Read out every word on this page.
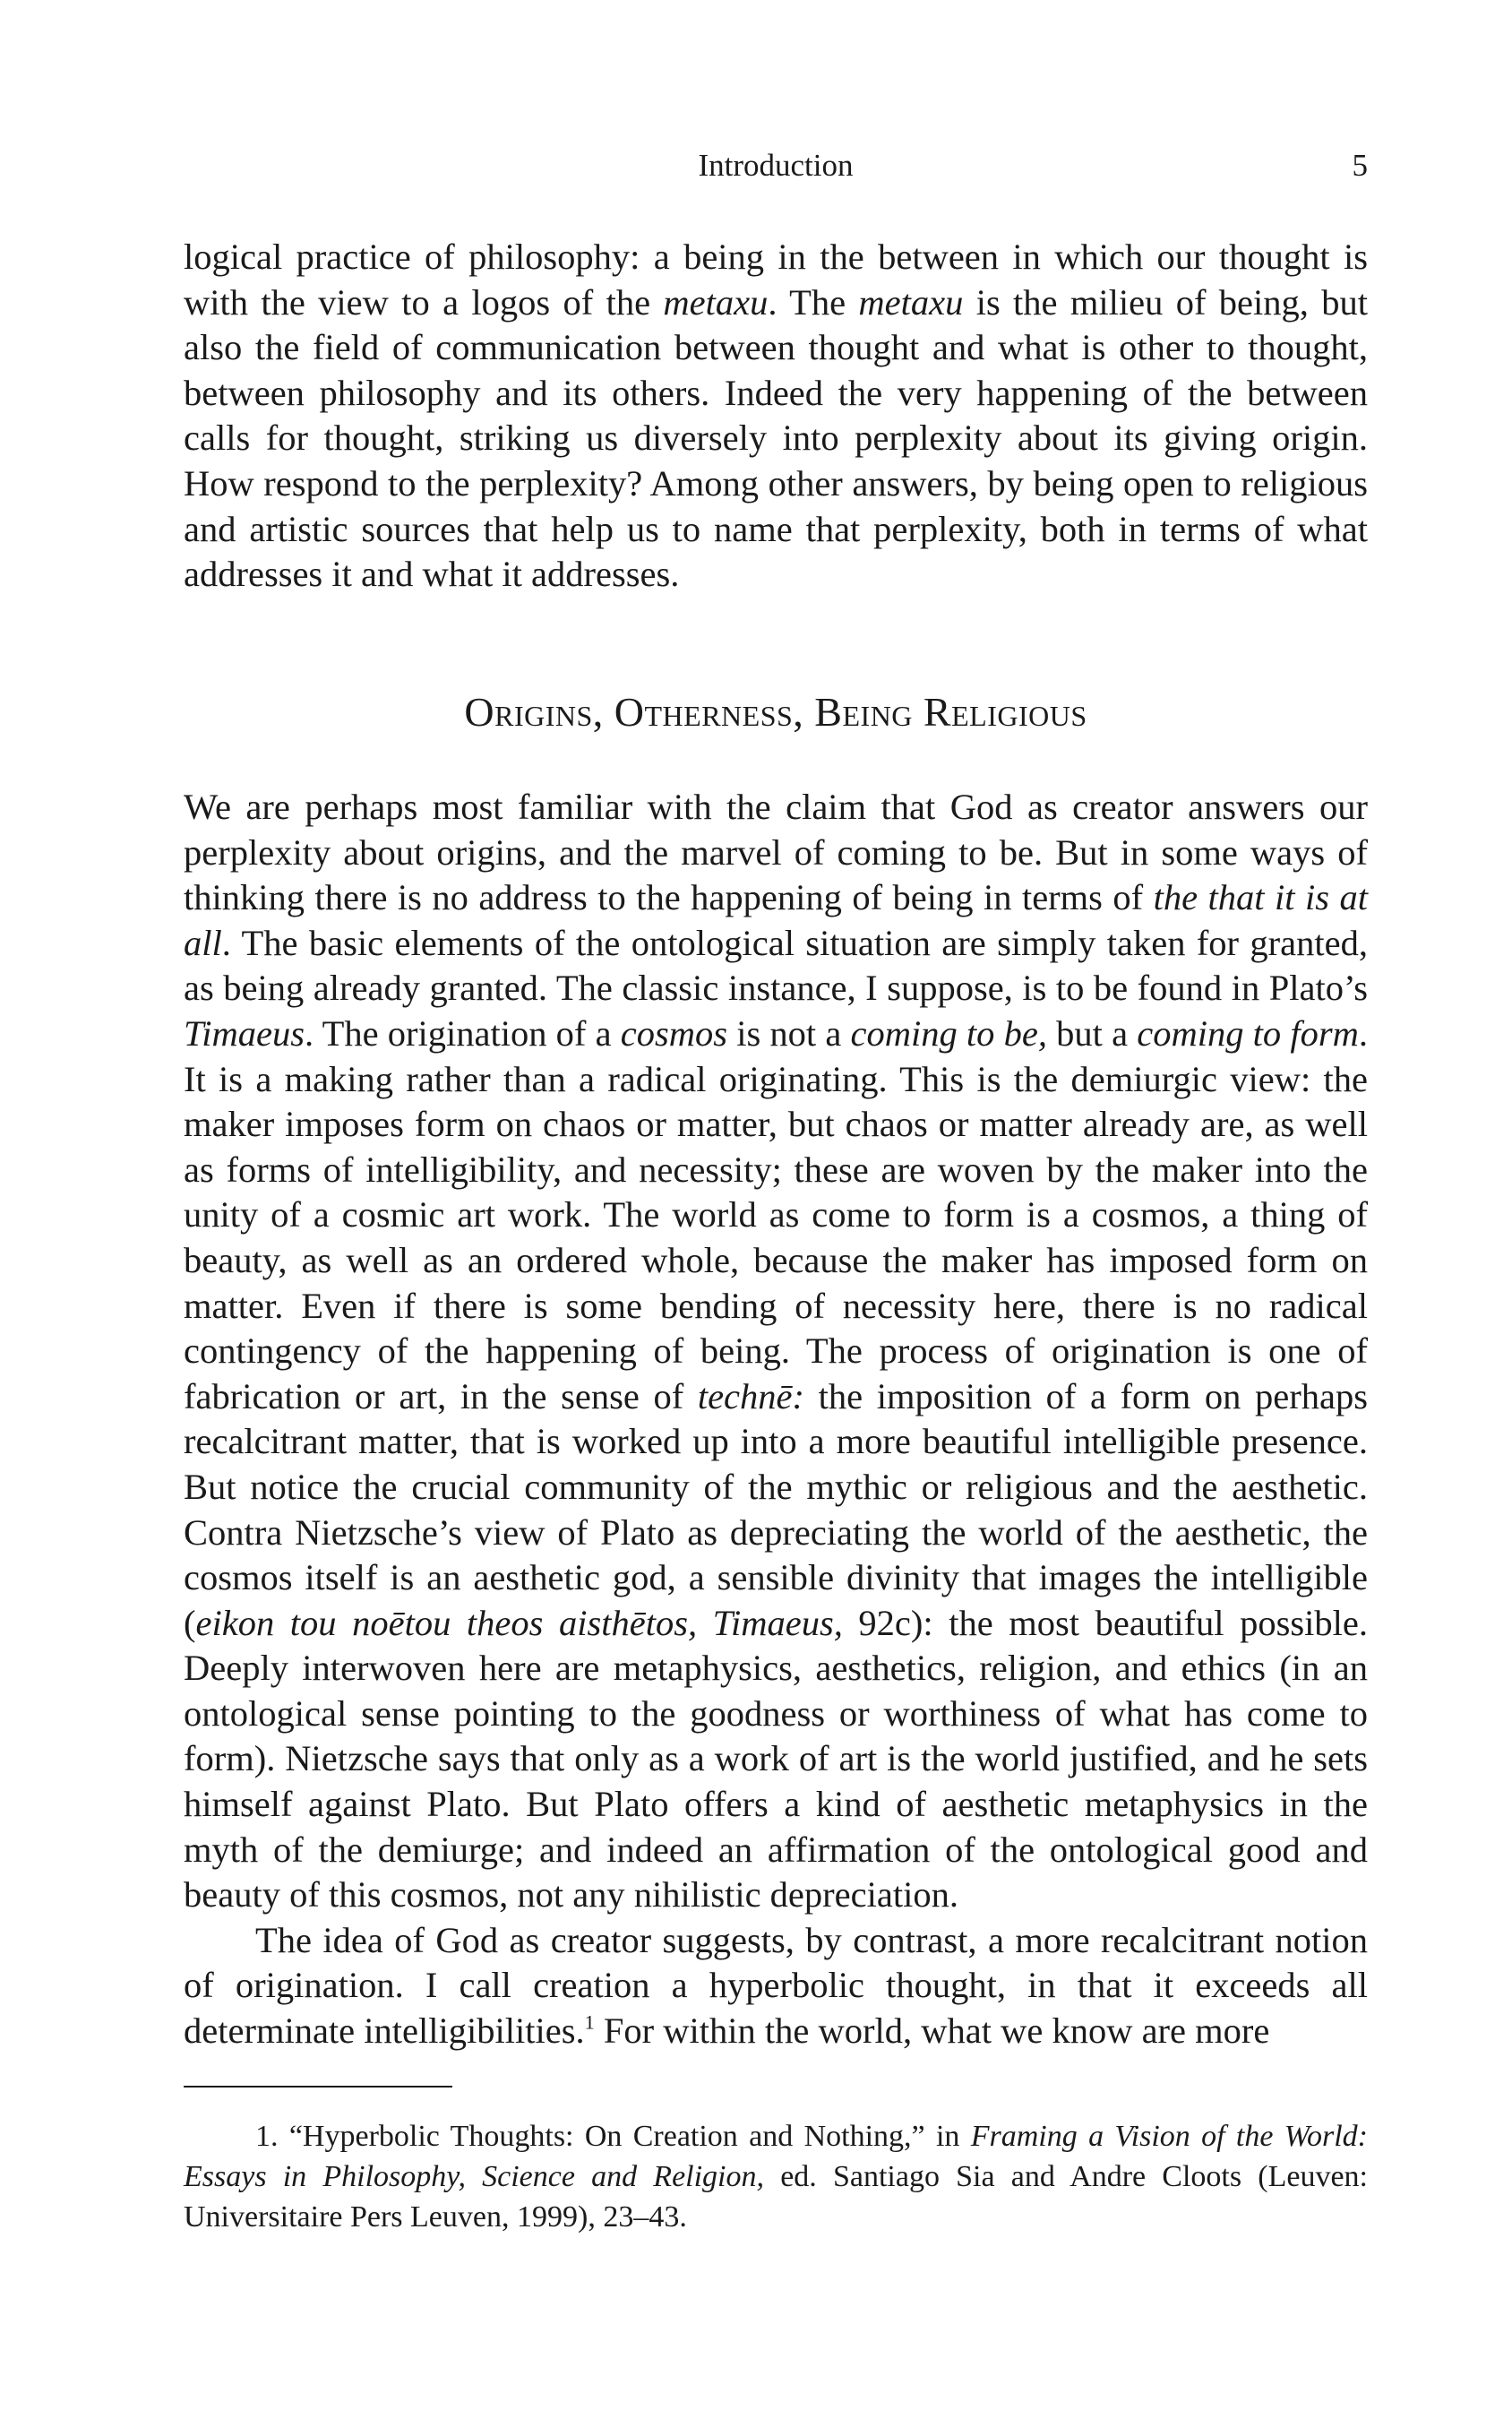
Introduction	5

logical practice of philosophy: a being in the between in which our thought is with the view to a logos of the metaxu. The metaxu is the milieu of being, but also the field of communication between thought and what is other to thought, between philosophy and its others. Indeed the very happening of the between calls for thought, striking us diversely into perplexity about its giving origin. How respond to the perplexity? Among other answers, by being open to religious and artistic sources that help us to name that perplexity, both in terms of what addresses it and what it addresses.

Origins, Otherness, Being Religious

We are perhaps most familiar with the claim that God as creator answers our perplexity about origins, and the marvel of coming to be. But in some ways of thinking there is no address to the happening of being in terms of the that it is at all. The basic elements of the ontological situation are simply taken for granted, as being already granted. The classic instance, I suppose, is to be found in Plato’s Timaeus. The origination of a cosmos is not a coming to be, but a coming to form. It is a making rather than a radical originating. This is the demiurgic view: the maker imposes form on chaos or matter, but chaos or matter already are, as well as forms of intelligibility, and necessity; these are woven by the maker into the unity of a cosmic art work. The world as come to form is a cosmos, a thing of beauty, as well as an ordered whole, because the maker has imposed form on matter. Even if there is some bending of necessity here, there is no radical contingency of the happening of being. The process of origination is one of fabrication or art, in the sense of technē: the imposition of a form on perhaps recalcitrant matter, that is worked up into a more beautiful intelligible presence. But notice the crucial community of the mythic or religious and the aesthetic. Contra Nietzsche’s view of Plato as depreciating the world of the aesthetic, the cosmos itself is an aesthetic god, a sensible divinity that images the intelligible (eikon tou noētou theos aisthētos, Timaeus, 92c): the most beautiful possible. Deeply interwoven here are metaphysics, aesthetics, religion, and ethics (in an ontological sense pointing to the goodness or worthiness of what has come to form). Nietzsche says that only as a work of art is the world justified, and he sets himself against Plato. But Plato offers a kind of aesthetic metaphysics in the myth of the demiurge; and indeed an affirmation of the ontological good and beauty of this cosmos, not any nihilistic depreciation.

The idea of God as creator suggests, by contrast, a more recalcitrant notion of origination. I call creation a hyperbolic thought, in that it exceeds all determinate intelligibilities.$^1$ For within the world, what we know are more

1. “Hyperbolic Thoughts: On Creation and Nothing,” in Framing a Vision of the World: Essays in Philosophy, Science and Religion, ed. Santiago Sia and Andre Cloots (Leuven: Universitaire Pers Leuven, 1999), 23–43.
